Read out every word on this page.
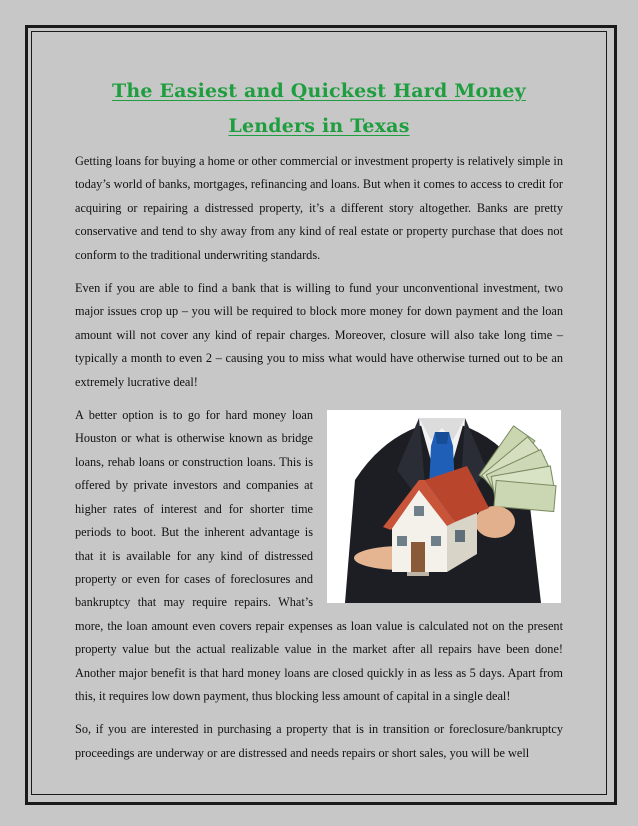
The Easiest and Quickest Hard Money Lenders in Texas

Getting loans for buying a home or other commercial or investment property is relatively simple in today’s world of banks, mortgages, refinancing and loans. But when it comes to access to credit for acquiring or repairing a distressed property, it’s a different story altogether. Banks are pretty conservative and tend to shy away from any kind of real estate or property purchase that does not conform to the traditional underwriting standards.

Even if you are able to find a bank that is willing to fund your unconventional investment, two major issues crop up – you will be required to block more money for down payment and the loan amount will not cover any kind of repair charges. Moreover, closure will also take long time – typically a month to even 2 – causing you to miss what would have otherwise turned out to be an extremely lucrative deal!

A better option is to go for hard money loan Houston or what is otherwise known as bridge loans, rehab loans or construction loans. This is offered by private investors and companies at higher rates of interest and for shorter time periods to boot. But the inherent advantage is that it is available for any kind of distressed property or even for cases of foreclosures and bankruptcy that may require repairs. What’s more, the loan amount even covers repair expenses as loan value is calculated not on the present property value but the actual realizable value in the market after all repairs have been done! Another major benefit is that hard money loans are closed quickly in as less as 5 days. Apart from this, it requires low down payment, thus blocking less amount of capital in a single deal!

So, if you are interested in purchasing a property that is in transition or foreclosure/bankruptcy proceedings are underway or are distressed and needs repairs or short sales, you will be well
